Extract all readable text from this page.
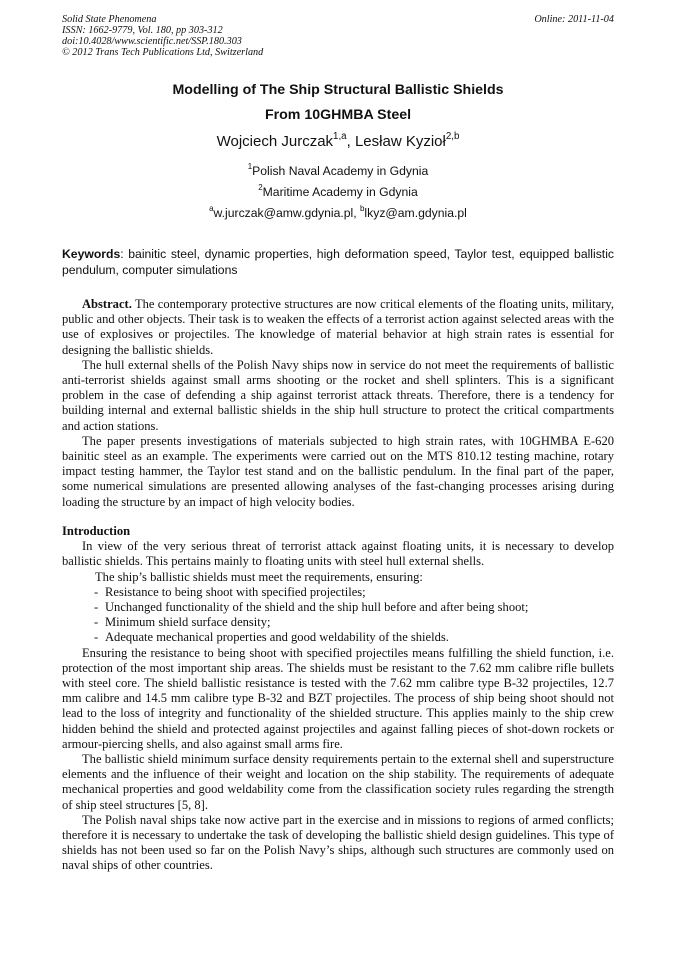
Solid State Phenomena
ISSN: 1662-9779, Vol. 180, pp 303-312
doi:10.4028/www.scientific.net/SSP.180.303
© 2012 Trans Tech Publications Ltd, Switzerland
Online: 2011-11-04
Modelling of The Ship Structural Ballistic Shields
From 10GHMBA Steel
Wojciech Jurczak$^{1,a}$, Lesław Kyzioł$^{2,b}$
$^1$Polish Naval Academy in Gdynia
$^2$Maritime Academy in Gdynia
$^a$w.jurczak@amw.gdynia.pl, $^b$lkyz@am.gdynia.pl
Keywords: bainitic steel, dynamic properties, high deformation speed, Taylor test, equipped ballistic pendulum, computer simulations

Abstract. The contemporary protective structures are now critical elements of the floating units, military, public and other objects. Their task is to weaken the effects of a terrorist action against selected areas with the use of explosives or projectiles. The knowledge of material behavior at high strain rates is essential for designing the ballistic shields.

The hull external shells of the Polish Navy ships now in service do not meet the requirements of ballistic anti-terrorist shields against small arms shooting or the rocket and shell splinters. This is a significant problem in the case of defending a ship against terrorist attack threats. Therefore, there is a tendency for building internal and external ballistic shields in the ship hull structure to protect the critical compartments and action stations.

The paper presents investigations of materials subjected to high strain rates, with 10GHMBA E-620 bainitic steel as an example. The experiments were carried out on the MTS 810.12 testing machine, rotary impact testing hammer, the Taylor test stand and on the ballistic pendulum. In the final part of the paper, some numerical simulations are presented allowing analyses of the fast-changing processes arising during loading the structure by an impact of high velocity bodies.

Introduction

In view of the very serious threat of terrorist attack against floating units, it is necessary to develop ballistic shields. This pertains mainly to floating units with steel hull external shells.

The ship’s ballistic shields must meet the requirements, ensuring:

- Resistance to being shoot with specified projectiles;
- Unchanged functionality of the shield and the ship hull before and after being shoot;
- Minimum shield surface density;
- Adequate mechanical properties and good weldability of the shields.

Ensuring the resistance to being shoot with specified projectiles means fulfilling the shield function, i.e. protection of the most important ship areas. The shields must be resistant to the 7.62 mm calibre rifle bullets with steel core. The shield ballistic resistance is tested with the 7.62 mm calibre type B-32 projectiles, 12.7 mm calibre and 14.5 mm calibre type B-32 and BZT projectiles. The process of ship being shoot should not lead to the loss of integrity and functionality of the shielded structure. This applies mainly to the ship crew hidden behind the shield and protected against projectiles and against falling pieces of shot-down rockets or armour-piercing shells, and also against small arms fire.

The ballistic shield minimum surface density requirements pertain to the external shell and superstructure elements and the influence of their weight and location on the ship stability. The requirements of adequate mechanical properties and good weldability come from the classification society rules regarding the strength of ship steel structures [5, 8].

The Polish naval ships take now active part in the exercise and in missions to regions of armed conflicts; therefore it is necessary to undertake the task of developing the ballistic shield design guidelines. This type of shields has not been used so far on the Polish Navy’s ships, although such structures are commonly used on naval ships of other countries.
